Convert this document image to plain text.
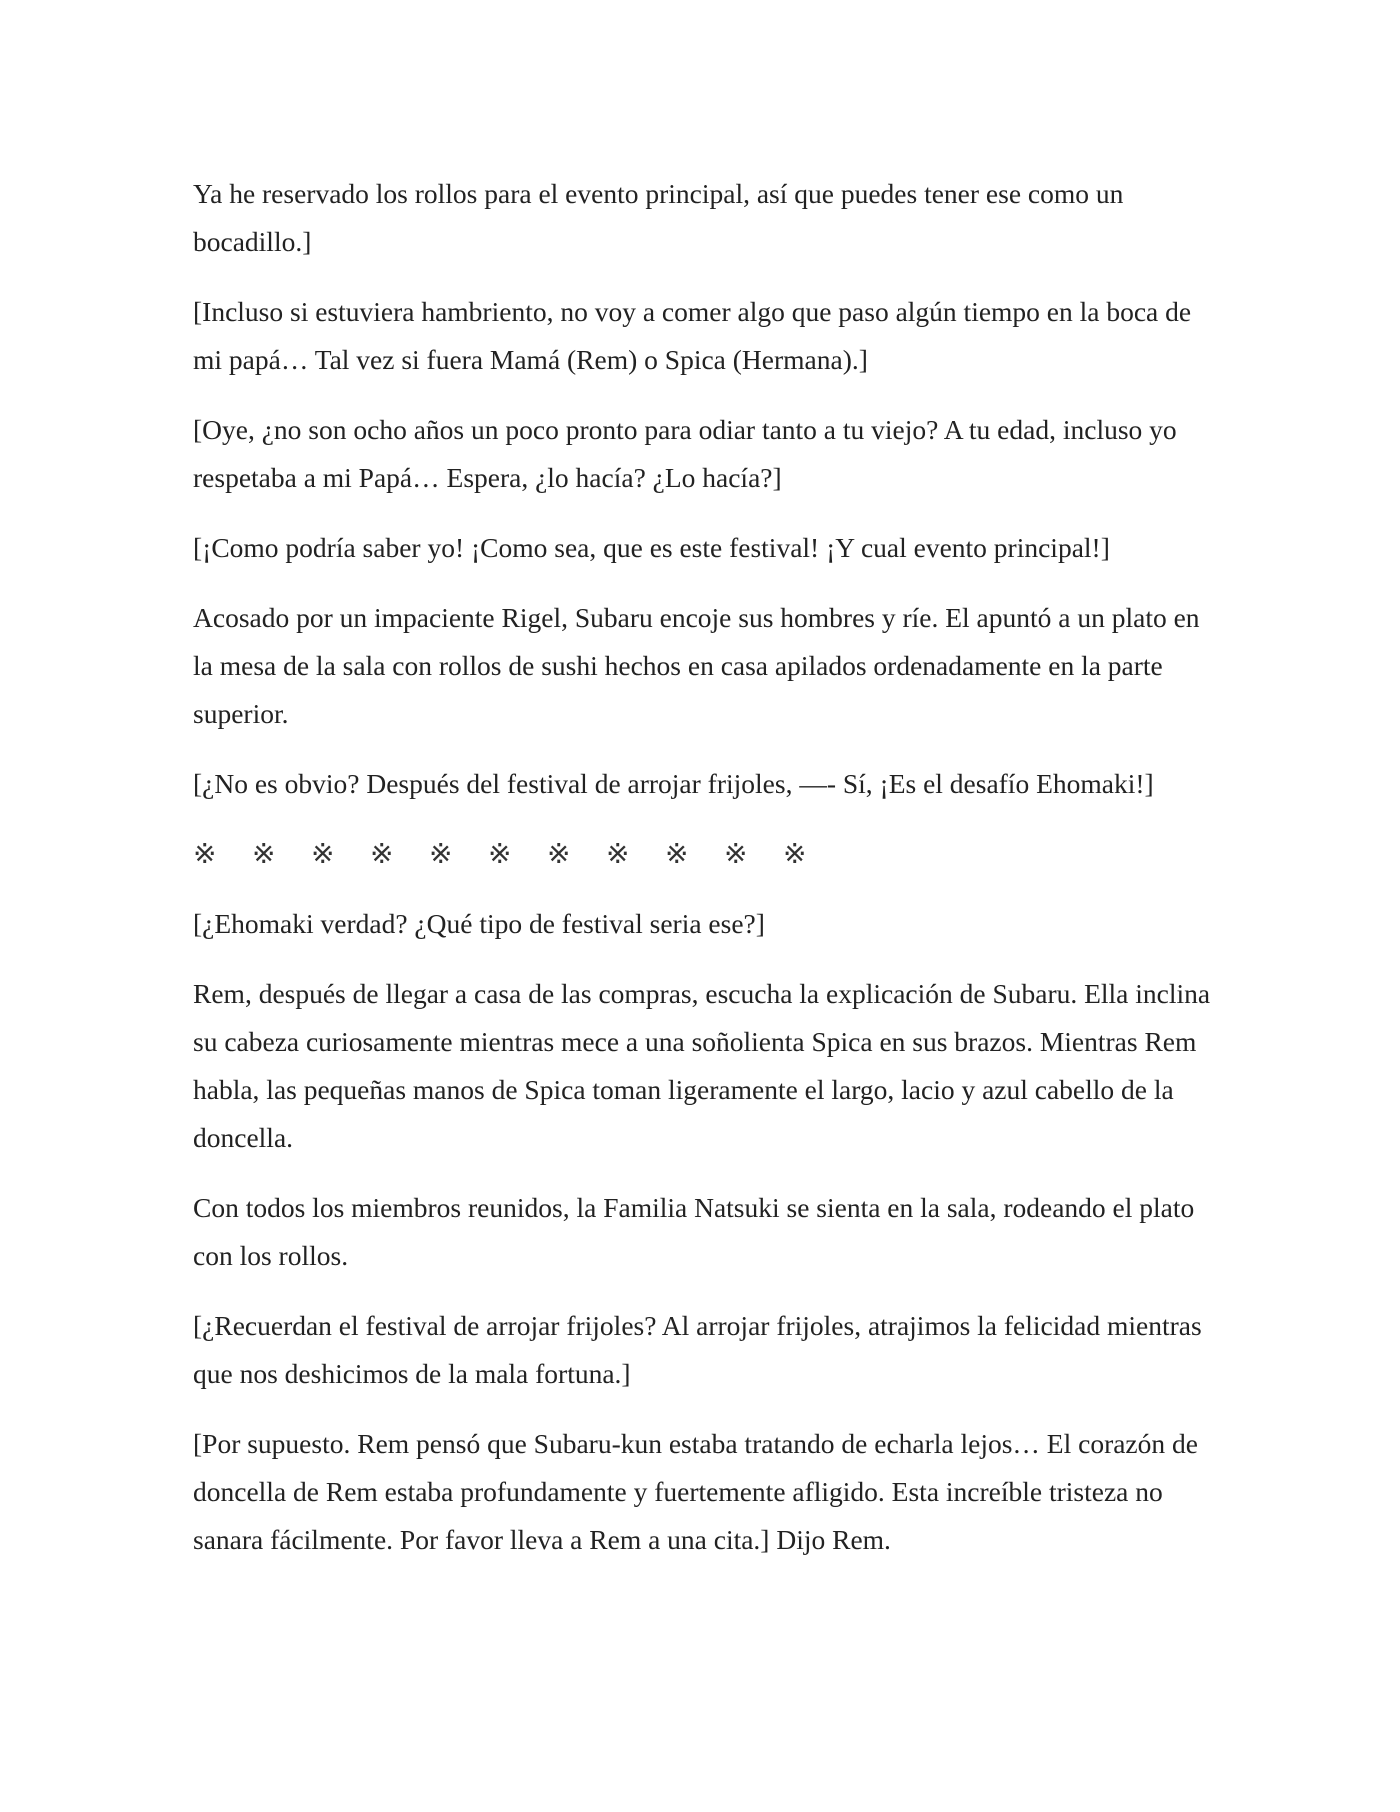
Ya he reservado los rollos para el evento principal, así que puedes tener ese como un bocadillo.]

[Incluso si estuviera hambriento, no voy a comer algo que paso algún tiempo en la boca de mi papá… Tal vez si fuera Mamá (Rem) o Spica (Hermana).]

[Oye, ¿no son ocho años un poco pronto para odiar tanto a tu viejo? A tu edad, incluso yo respetaba a mi Papá… Espera, ¿lo hacía? ¿Lo hacía?]

[¡Como podría saber yo! ¡Como sea, que es este festival! ¡Y cual evento principal!]

Acosado por un impaciente Rigel, Subaru encoje sus hombres y ríe. El apuntó a un plato en la mesa de la sala con rollos de sushi hechos en casa apilados ordenadamente en la parte superior.

[¿No es obvio? Después del festival de arrojar frijoles, —- Sí, ¡Es el desafío Ehomaki!]

※	※	※	※	※	※	※	※	※	※	※

[¿Ehomaki verdad? ¿Qué tipo de festival seria ese?]

Rem, después de llegar a casa de las compras, escucha la explicación de Subaru. Ella inclina su cabeza curiosamente mientras mece a una soñolienta Spica en sus brazos. Mientras Rem habla, las pequeñas manos de Spica toman ligeramente el largo, lacio y azul cabello de la doncella.

Con todos los miembros reunidos, la Familia Natsuki se sienta en la sala, rodeando el plato con los rollos.

[¿Recuerdan el festival de arrojar frijoles? Al arrojar frijoles, atrajimos la felicidad mientras que nos deshicimos de la mala fortuna.]

[Por supuesto. Rem pensó que Subaru-kun estaba tratando de echarla lejos… El corazón de doncella de Rem estaba profundamente y fuertemente afligido. Esta increíble tristeza no sanara fácilmente. Por favor lleva a Rem a una cita.] Dijo Rem.
